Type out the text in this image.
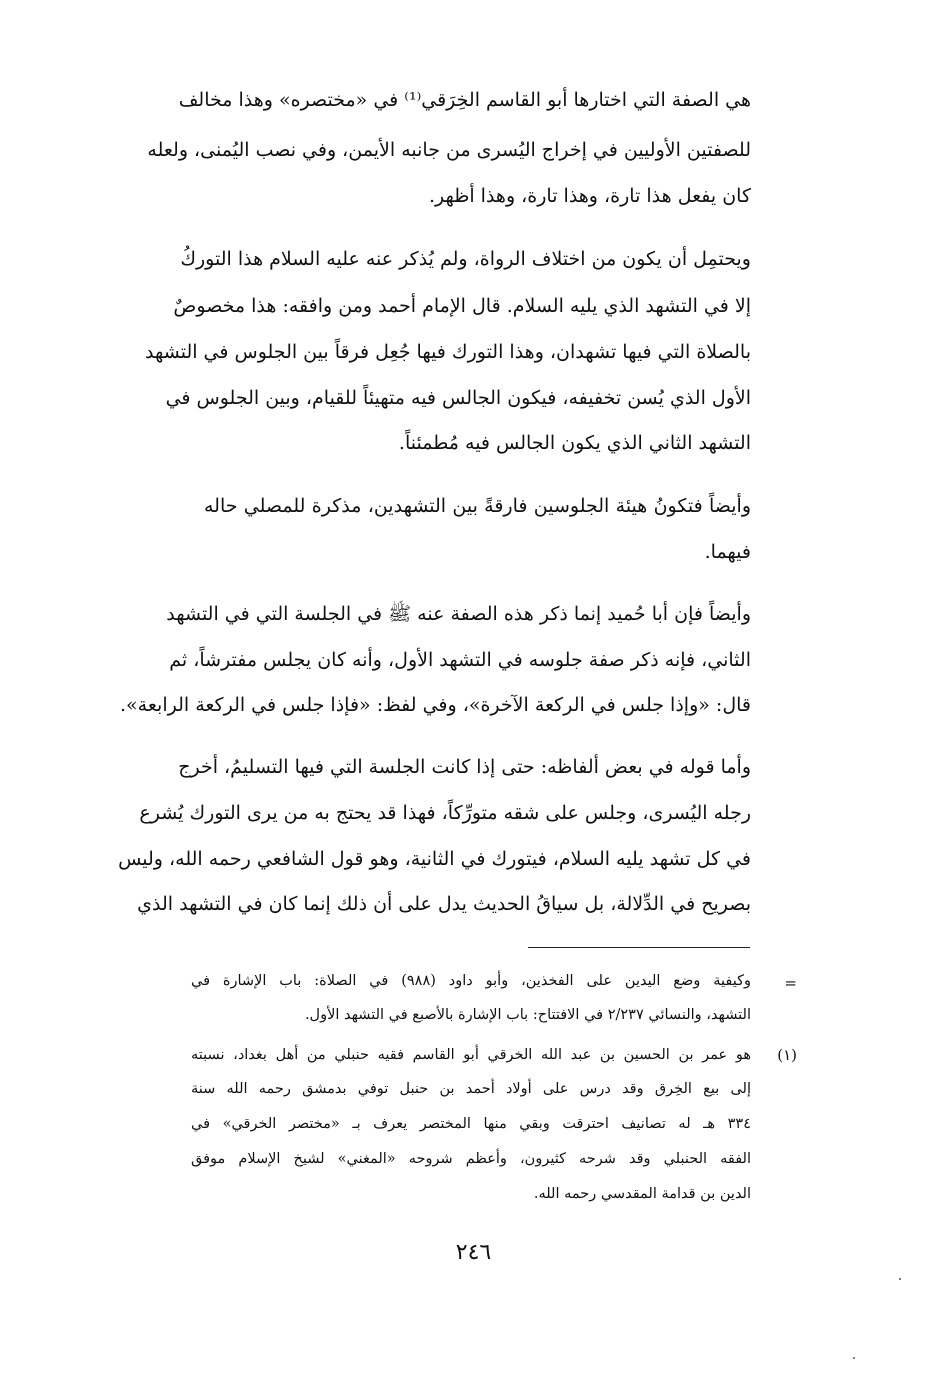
هي الصفة التي اختارها أبو القاسم الخِرَقي⁽¹⁾ في «مختصره» وهذا مخالف
للصفتين الأوليين في إخراج اليُسرى من جانبه الأيمن، وفي نصب اليُمنى، ولعله
كان يفعل هذا تارة، وهذا تارة، وهذا أظهر.
ويحتمِل أن يكون من اختلاف الرواة، ولم يُذكر عنه عليه السلام هذا التوركُ
إلا في التشهد الذي يليه السلام. قال الإمام أحمد ومن وافقه: هذا مخصوصٌ
بالصلاة التي فيها تشهدان، وهذا التورك فيها جُعِل فرقاً بين الجلوس في التشهد
الأول الذي يُسن تخفيفه، فيكون الجالس فيه متهيئاً للقيام، وبين الجلوس في
التشهد الثاني الذي يكون الجالس فيه مُطمئناً.
وأيضاً فتكونُ هيئة الجلوسين فارقةً بين التشهدين، مذكرة للمصلي حاله
فيهما.
وأيضاً فإن أبا حُميد إنما ذكر هذه الصفة عنه ﷺ في الجلسة التي في التشهد
الثاني، فإنه ذكر صفة جلوسه في التشهد الأول، وأنه كان يجلس مفترشاً، ثم
قال: «وإذا جلس في الركعة الآخرة»، وفي لفظ: «فإذا جلس في الركعة الرابعة».
وأما قوله في بعض ألفاظه: حتى إذا كانت الجلسة التي فيها التسليمُ، أخرج
رجله اليُسرى، وجلس على شقه متورِّكاً، فهذا قد يحتج به من يرى التورك يُشرع
في كل تشهد يليه السلام، فيتورك في الثانية، وهو قول الشافعي رحمه الله، وليس
بصريح في الدِّلالة، بل سياقُ الحديث يدل على أن ذلك إنما كان في التشهد الذي
=
وكيفية وضع اليدين على الفخذين، وأبو داود (٩٨٨) في الصلاة: باب الإشارة في
التشهد، والنسائي ٢/٢٣٧ في الافتتاح: باب الإشارة بالأصبع في التشهد الأول.
(١)
هو عمر بن الحسين بن عبد الله الخرقي أبو القاسم فقيه حنبلي من أهل بغداد، نسبته
إلى بيع الخِرق وقد درس على أولاد أحمد بن حنبل توفي بدمشق رحمه الله سنة
٣٣٤ هـ له تصانيف احترقت وبقي منها المختصر يعرف بـ «مختصر الخرقي» في
الفقه الحنبلي وقد شرحه كثيرون، وأعظم شروحه «المغني» لشيخ الإسلام موفق
الدين بن قدامة المقدسي رحمه الله.
٢٤٦
